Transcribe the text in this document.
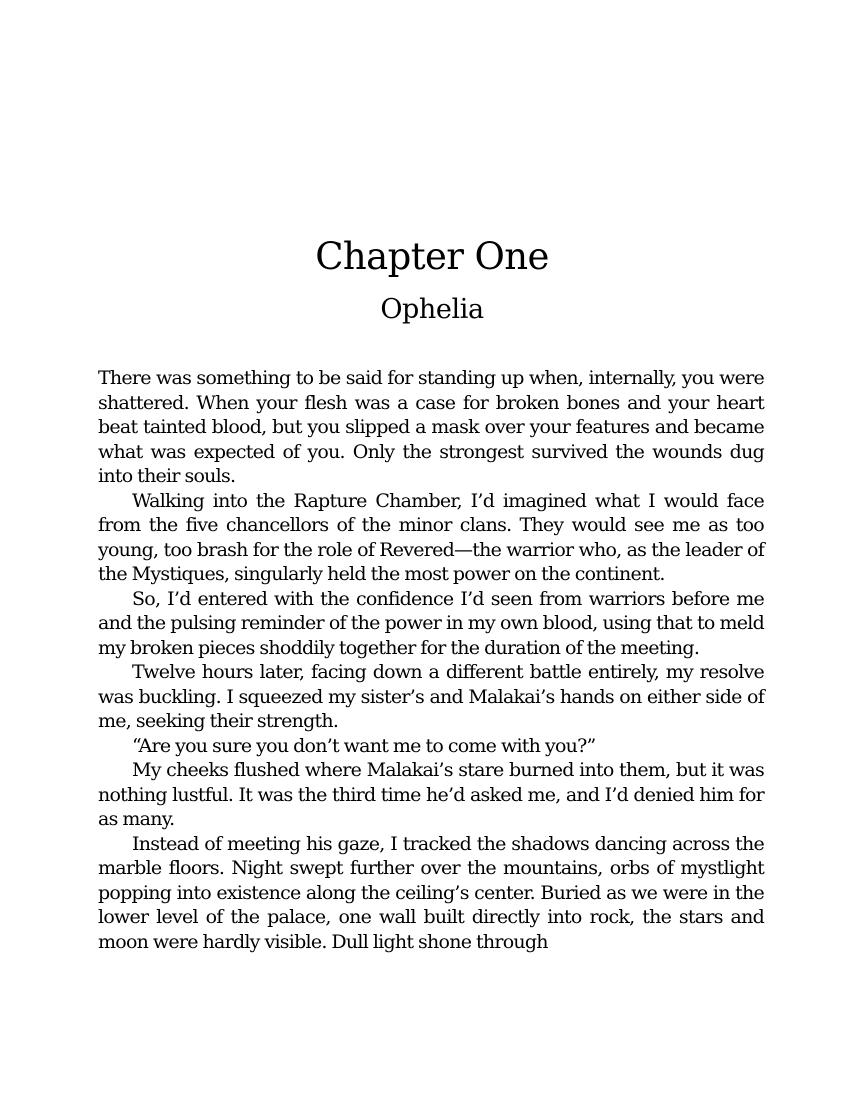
Chapter One
Ophelia

There was something to be said for standing up when, internally, you were shattered. When your flesh was a case for broken bones and your heart beat tainted blood, but you slipped a mask over your features and became what was expected of you. Only the strongest survived the wounds dug into their souls.

Walking into the Rapture Chamber, I’d imagined what I would face from the five chancellors of the minor clans. They would see me as too young, too brash for the role of Revered—the warrior who, as the leader of the Mystiques, singularly held the most power on the continent.

So, I’d entered with the confidence I’d seen from warriors before me and the pulsing reminder of the power in my own blood, using that to meld my broken pieces shoddily together for the duration of the meeting.

Twelve hours later, facing down a different battle entirely, my resolve was buckling. I squeezed my sister’s and Malakai’s hands on either side of me, seeking their strength.

“Are you sure you don’t want me to come with you?”

My cheeks flushed where Malakai’s stare burned into them, but it was nothing lustful. It was the third time he’d asked me, and I’d denied him for as many.

Instead of meeting his gaze, I tracked the shadows dancing across the marble floors. Night swept further over the mountains, orbs of mystlight popping into existence along the ceiling’s center. Buried as we were in the lower level of the palace, one wall built directly into rock, the stars and moon were hardly visible. Dull light shone through
